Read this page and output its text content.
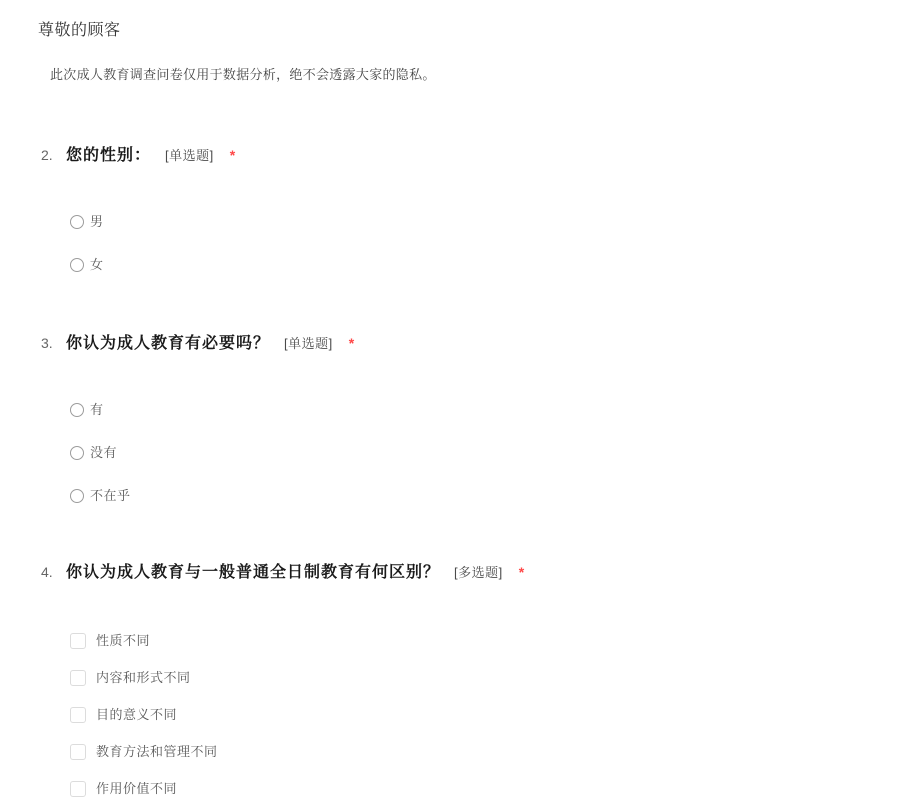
尊敬的顾客

此次成人教育调查问卷仅用于数据分析，绝不会透露大家的隐私。

2. 您的性别： [单选题] *
男
女
3. 你认为成人教育有必要吗？ [单选题] *
有
没有
不在乎
4. 你认为成人教育与一般普通全日制教育有何区别？ [多选题] *
性质不同
内容和形式不同
目的意义不同
教育方法和管理不同
作用价值不同
